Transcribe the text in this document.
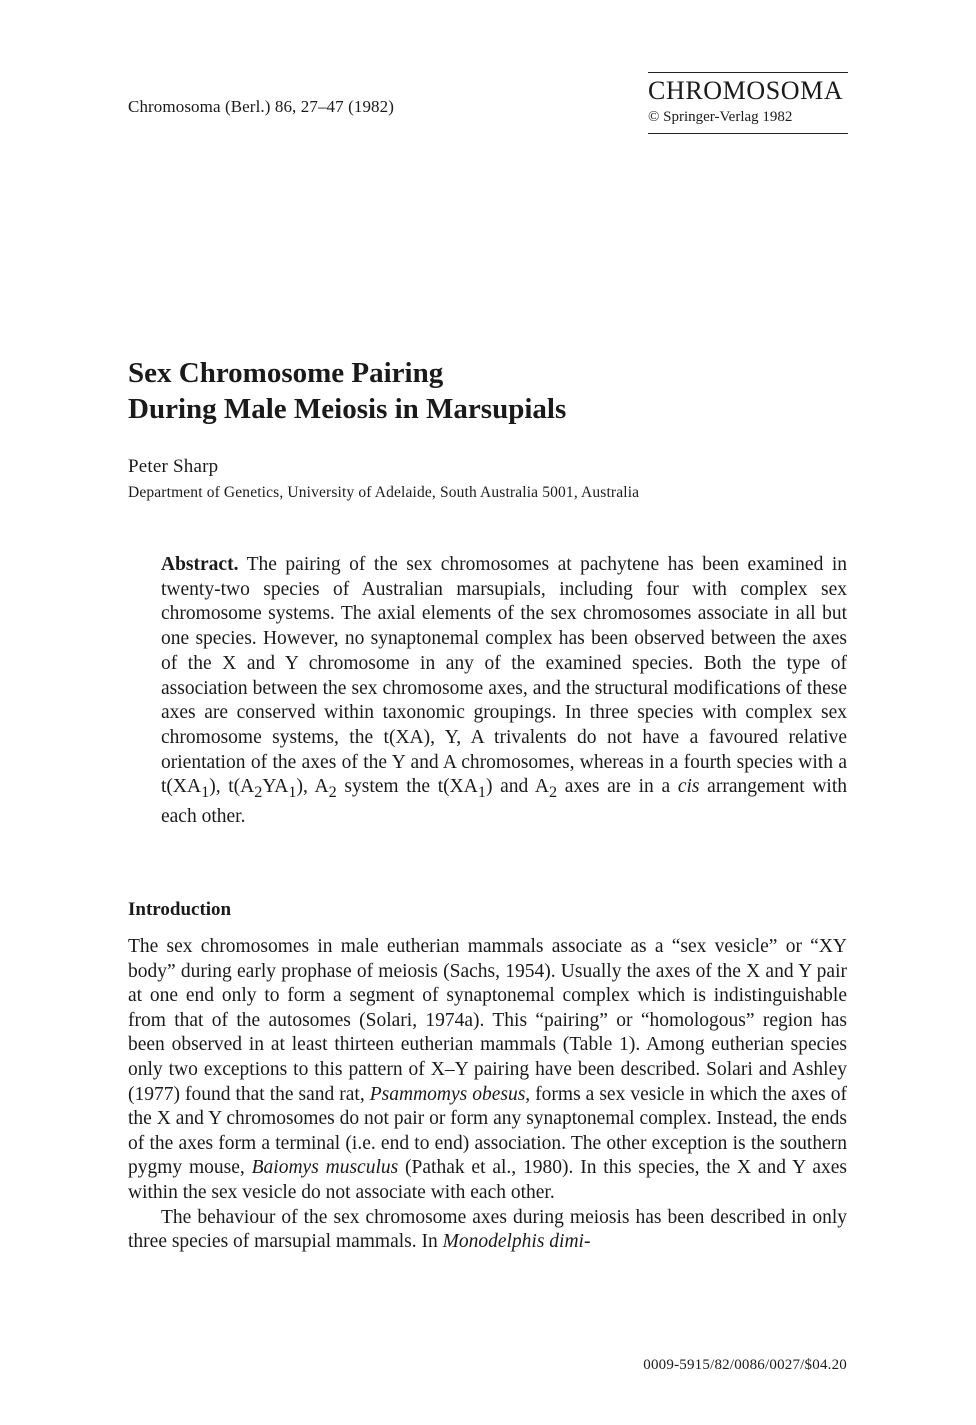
Chromosoma (Berl.) 86, 27–47 (1982)
CHROMOSOMA
© Springer-Verlag 1982
Sex Chromosome Pairing
During Male Meiosis in Marsupials
Peter Sharp
Department of Genetics, University of Adelaide, South Australia 5001, Australia

Abstract. The pairing of the sex chromosomes at pachytene has been examined in twenty-two species of Australian marsupials, including four with complex sex chromosome systems. The axial elements of the sex chromosomes associate in all but one species. However, no synaptonemal complex has been observed between the axes of the X and Y chromosome in any of the examined species. Both the type of association between the sex chromosome axes, and the structural modifications of these axes are conserved within taxonomic groupings. In three species with complex sex chromosome systems, the t(XA), Y, A trivalents do not have a favoured relative orientation of the axes of the Y and A chromosomes, whereas in a fourth species with a $t(XA_1)$, $t(A_2YA_1)$, $A_2$ system the $t(XA_1)$ and $A_2$ axes are in a cis arrangement with each other.

Introduction

The sex chromosomes in male eutherian mammals associate as a “sex vesicle” or “XY body” during early prophase of meiosis (Sachs, 1954). Usually the axes of the X and Y pair at one end only to form a segment of synaptonemal complex which is indistinguishable from that of the autosomes (Solari, 1974a). This “pairing” or “homologous” region has been observed in at least thirteen eutherian mammals (Table 1). Among eutherian species only two exceptions to this pattern of X–Y pairing have been described. Solari and Ashley (1977) found that the sand rat, Psammomys obesus, forms a sex vesicle in which the axes of the X and Y chromosomes do not pair or form any synaptonemal complex. Instead, the ends of the axes form a terminal (i.e. end to end) association. The other exception is the southern pygmy mouse, Baiomys musculus (Pathak et al., 1980). In this species, the X and Y axes within the sex vesicle do not associate with each other.

The behaviour of the sex chromosome axes during meiosis has been described in only three species of marsupial mammals. In Monodelphis dimi-

0009-5915/82/0086/0027/$04.20
